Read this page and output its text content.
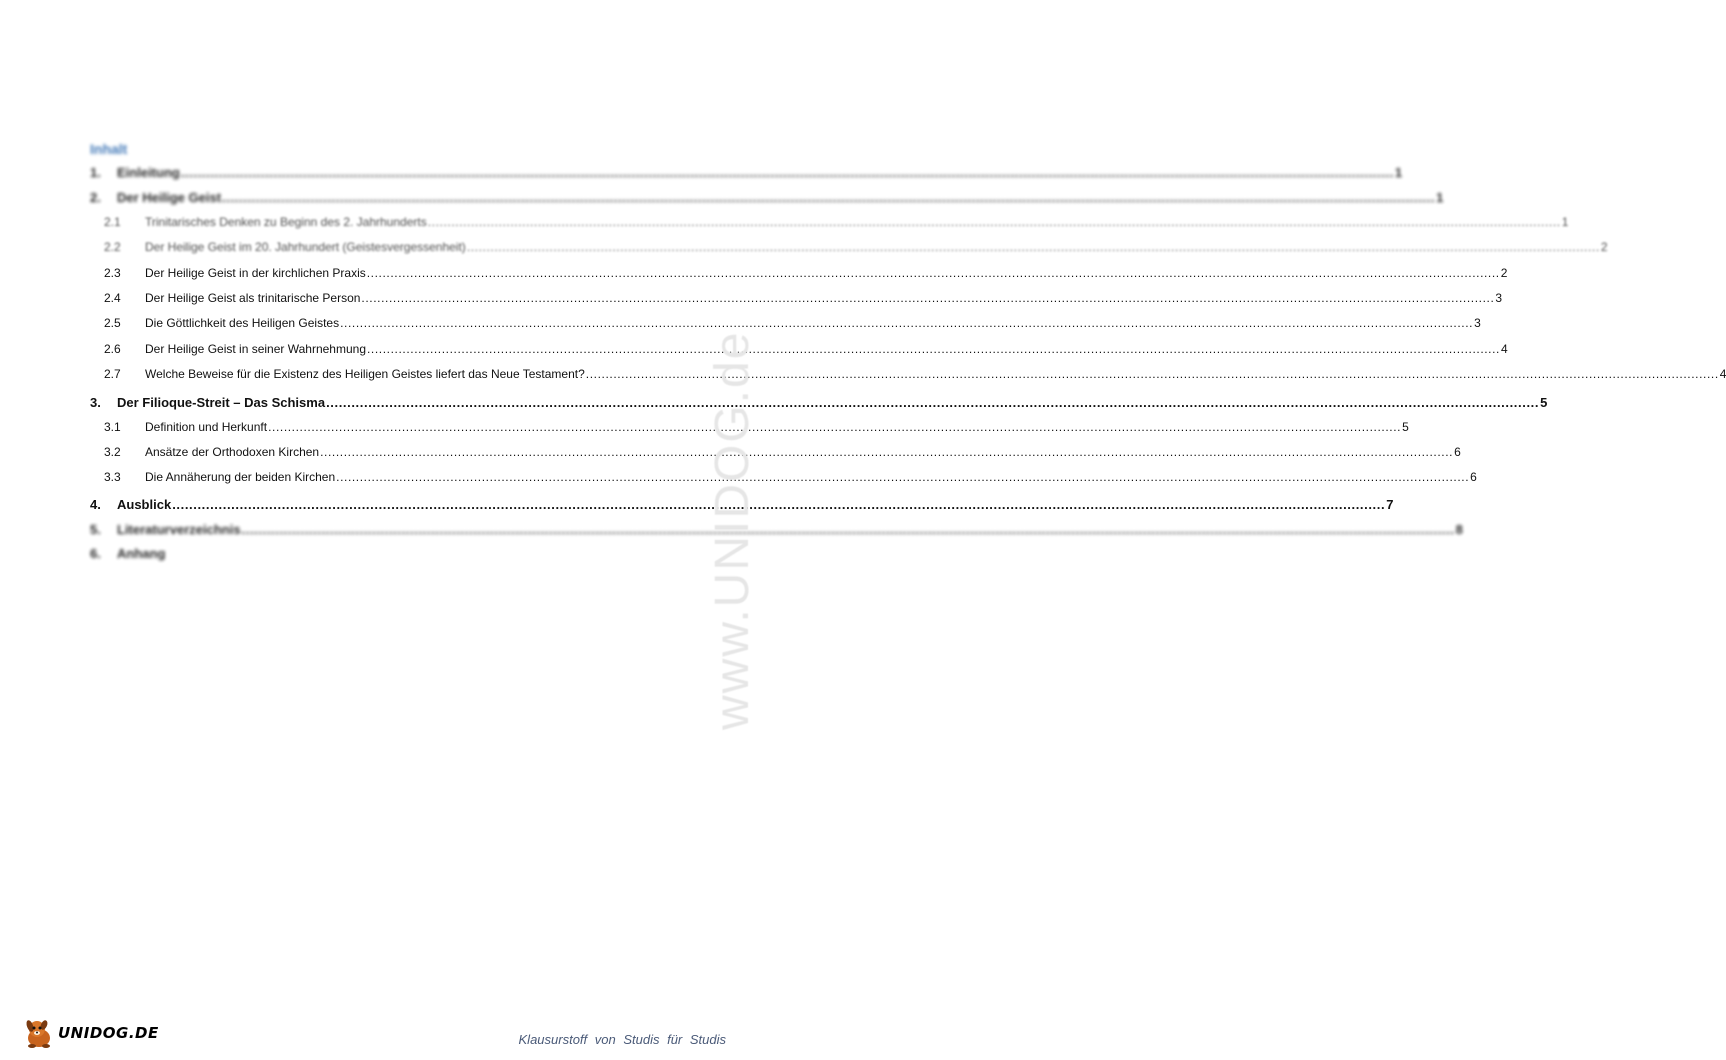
Inhalt
1. Einleitung .....	1
2. Der Heilige Geist .....	1
2.1 Trinitarisches Denken zu Beginn des 2. Jahrhunderts .....	1
2.2 Der Heilige Geist im 20. Jahrhundert (Geistesvergessenheit) .....	2
2.3 Der Heilige Geist in der kirchlichen Praxis .....	2
2.4 Der Heilige Geist als trinitarische Person .....	3
2.5 Die Göttlichkeit des Heiligen Geistes .....	3
2.6 Der Heilige Geist in seiner Wahrnehmung .....	4
2.7 Welche Beweise für die Existenz des Heiligen Geistes liefert das Neue Testament? .....	4
3. Der Filioque-Streit – Das Schisma .....	5
3.1 Definition und Herkunft .....	5
3.2 Ansätze der Orthodoxen Kirchen .....	6
3.3 Die Annäherung der beiden Kirchen .....	6
4. Ausblick .....	7
5. Literaturverzeichnis .....	8
6. Anhang	www.UNIDOG.de
UNIDOG.DE	Klausurstoff von Studis für Studis
